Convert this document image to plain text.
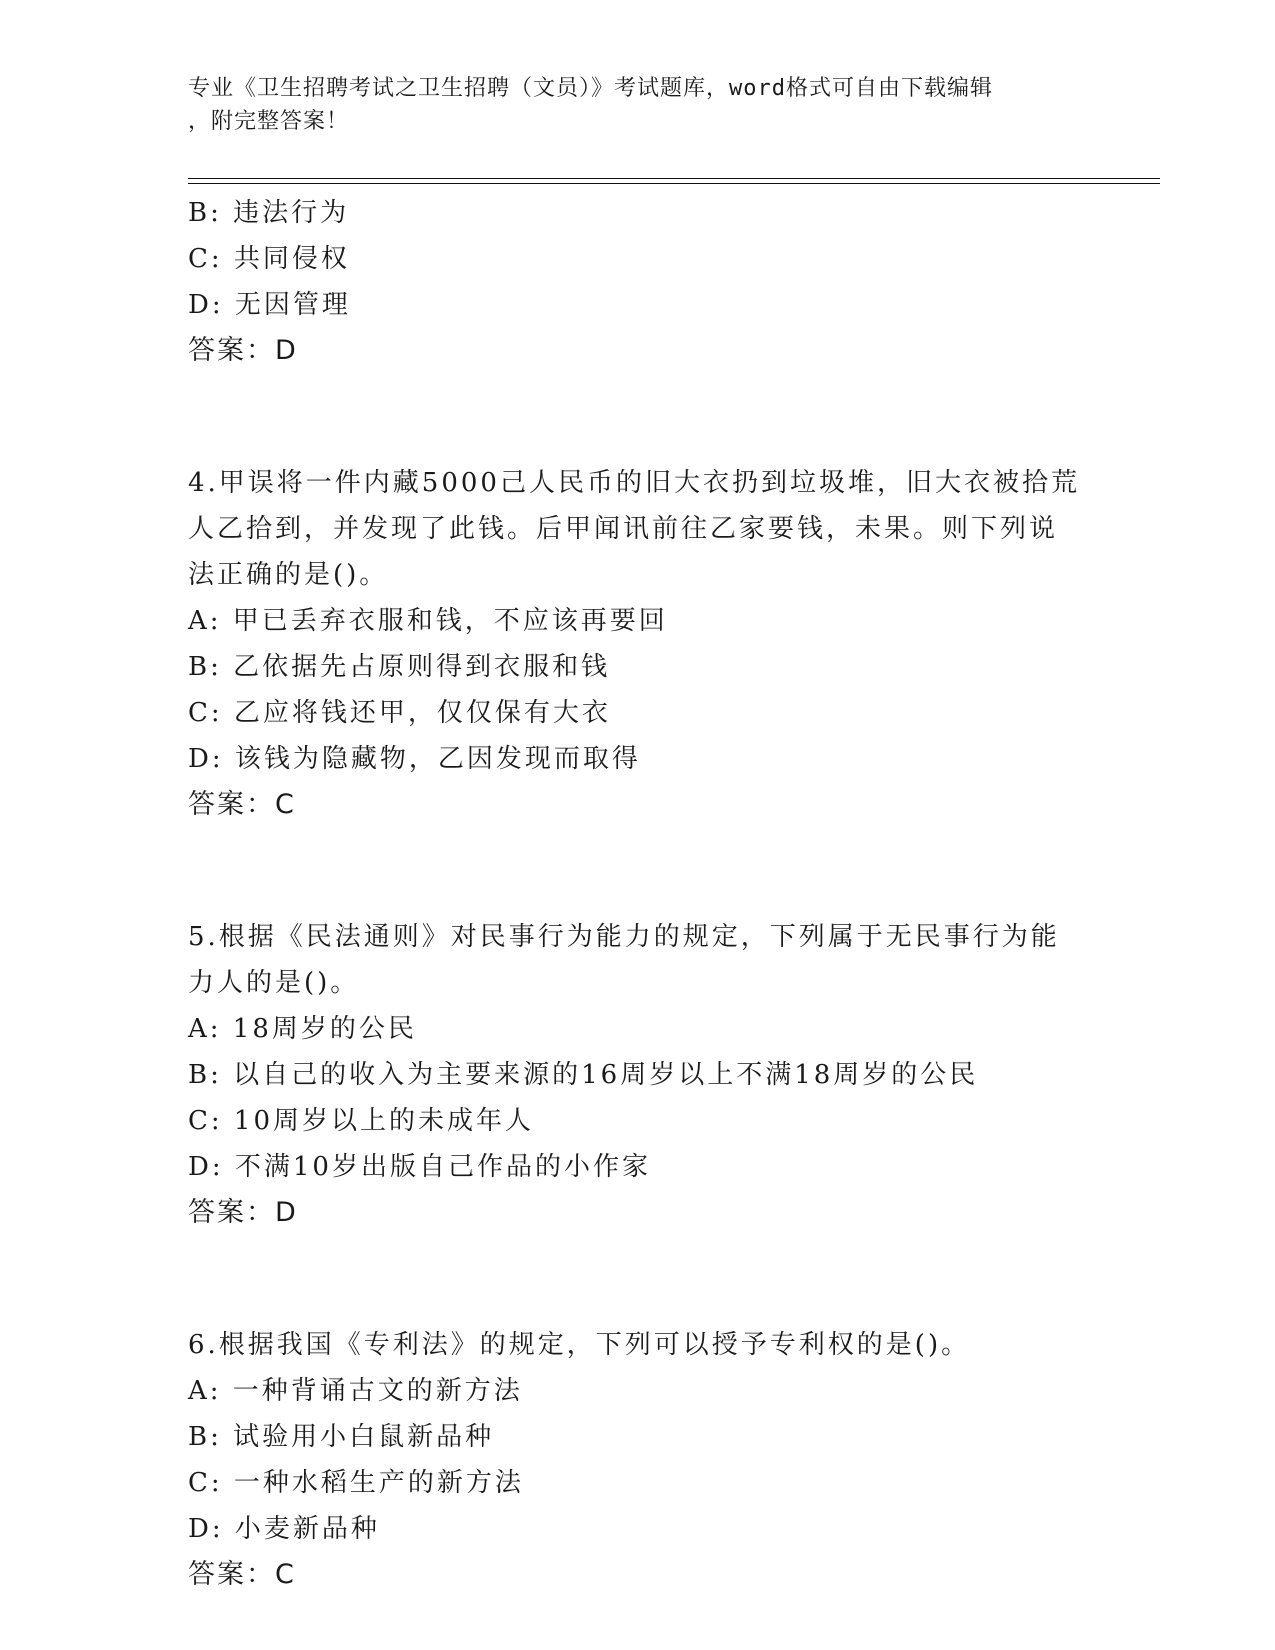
专业《卫生招聘考试之卫生招聘（文员）》考试题库，word格式可自由下载编辑
，附完整答案！
B: 违法行为
C: 共同侵权
D: 无因管理
答案：D
4.甲误将一件内藏5000己人民币的旧大衣扔到垃圾堆，旧大衣被拾荒
人乙拾到，并发现了此钱。后甲闻讯前往乙家要钱，未果。则下列说
法正确的是()。
A: 甲已丢弃衣服和钱，不应该再要回
B: 乙依据先占原则得到衣服和钱
C: 乙应将钱还甲，仅仅保有大衣
D: 该钱为隐藏物，乙因发现而取得
答案：C
5.根据《民法通则》对民事行为能力的规定，下列属于无民事行为能
力人的是()。
A: 18周岁的公民
B: 以自己的收入为主要来源的16周岁以上不满18周岁的公民
C: 10周岁以上的未成年人
D: 不满10岁出版自己作品的小作家
答案：D
6.根据我国《专利法》的规定，下列可以授予专利权的是()。
A: 一种背诵古文的新方法
B: 试验用小白鼠新品种
C: 一种水稻生产的新方法
D: 小麦新品种
答案：C
